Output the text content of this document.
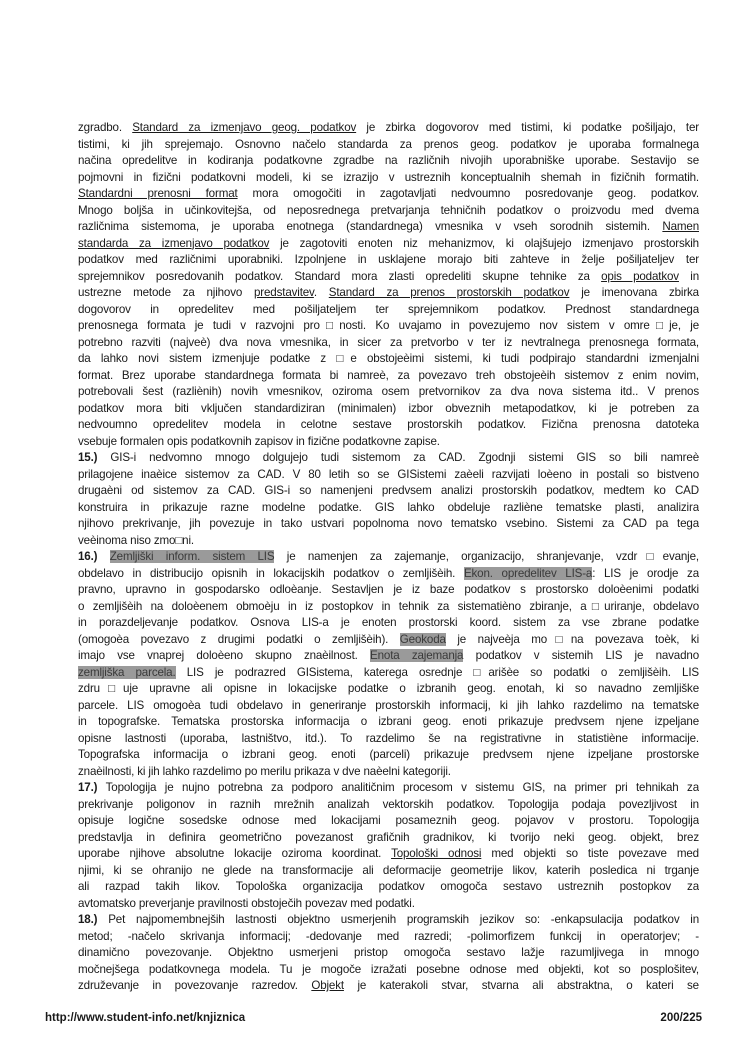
zgradbo. Standard za izmenjavo geog. podatkov je zbirka dogovorov med tistimi, ki podatke pošiljajo, ter
tistimi, ki jih sprejemajo. Osnovno načelo standarda za prenos geog. podatkov je uporaba formalnega
načina opredelitve in kodiranja podatkovne zgradbe na različnih nivojih uporabniške uporabe. Sestavijo se
pojmovni in fizični podatkovni modeli, ki se izrazijo v ustreznih konceptualnih shemah in fizičnih formatih.
Standardni prenosni format mora omogočiti in zagotavljati nedvoumno posredovanje geog. podatkov.
Mnogo boljša in učinkovitejša, od neposrednega pretvarjanja tehničnih podatkov o proizvodu med dvema
različnima sistemoma, je uporaba enotnega (standardnega) vmesnika v vseh sorodnih sistemih. Namen
standarda za izmenjavo podatkov je zagotoviti enoten niz mehanizmov, ki olajšujejo izmenjavo prostorskih
podatkov med različnimi uporabniki. Izpolnjene in usklajene morajo biti zahteve in želje pošiljateljev ter
sprejemnikov posredovanih podatkov. Standard mora zlasti opredeliti skupne tehnike za opis podatkov in
ustrezne metode za njihovo predstavitev. Standard za prenos prostorskih podatkov je imenovana zbirka
dogovorov in opredelitev med pošiljateljem ter sprejemnikom podatkov. Prednost standardnega
prenosnega formata je tudi v razvojni pro□nosti. Ko uvajamo in povezujemo nov sistem v omre□je, je
potrebno razviti (najveè) dva nova vmesnika, in sicer za pretvorbo v ter iz nevtralnega prenosnega formata,
da lahko novi sistem izmenjuje podatke z □e obstojeèimi sistemi, ki tudi podpirajo standardni izmenjalni
format. Brez uporabe standardnega formata bi namreè, za povezavo treh obstojeèih sistemov z enim novim,
potrebovali šest (razliènih) novih vmesnikov, oziroma osem pretvornikov za dva nova sistema itd.. V prenos
podatkov mora biti vključen standardiziran (minimalen) izbor obveznih metapodatkov, ki je potreben za
nedvoumno opredelitev modela in celotne sestave prostorskih podatkov. Fizična prenosna datoteka
vsebuje formalen opis podatkovnih zapisov in fizične podatkovne zapise.
15.) GIS-i nedvomno mnogo dolgujejo tudi sistemom za CAD. Zgodnji sistemi GIS so bili namreè
prilagojene inaèice sistemov za CAD. V 80 letih so se GISistemi zaèeli razvijati loèeno in postali so bistveno
drugaèni od sistemov za CAD. GIS-i so namenjeni predvsem analizi prostorskih podatkov, medtem ko CAD
konstruira in prikazuje razne modelne podatke. GIS lahko obdeluje razliène tematske plasti, analizira
njihovo prekrivanje, jih povezuje in tako ustvari popolnoma novo tematsko vsebino. Sistemi za CAD pa tega
veèinoma niso zmo□ni.
16.) Zemljiški inform. sistem LIS je namenjen za zajemanje, organizacijo, shranjevanje, vzdr□evanje,
obdelavo in distribucijo opisnih in lokacijskih podatkov o zemljišèih. Ekon. opredelitev LIS-a: LIS je orodje za
pravno, upravno in gospodarsko odloèanje. Sestavljen je iz baze podatkov s prostorsko doloèenimi podatki
o zemljišèih na doloèenem obmoèju in iz postopkov in tehnik za sistematièno zbiranje, a□uriranje, obdelavo
in porazdeljevanje podatkov. Osnova LIS-a je enoten prostorski koord. sistem za vse zbrane podatke
(omogoèa povezavo z drugimi podatki o zemljišèih). Geokoda je najveèja mo□na povezava toèk, ki
imajo vse vnaprej doloèeno skupno znaèilnost. Enota zajemanja podatkov v sistemih LIS je navadno
zemljiška parcela. LIS je podrazred GISistema, katerega osrednje □arišèe so podatki o zemljišèih. LIS
zdru□uje upravne ali opisne in lokacijske podatke o izbranih geog. enotah, ki so navadno zemljiške
parcele. LIS omogoèa tudi obdelavo in generiranje prostorskih informacij, ki jih lahko razdelimo na tematske
in topografske. Tematska prostorska informacija o izbrani geog. enoti prikazuje predvsem njene izpeljane
opisne lastnosti (uporaba, lastništvo, itd.). To razdelimo še na registrativne in statistiène informacije.
Topografska informacija o izbrani geog. enoti (parceli) prikazuje predvsem njene izpeljane prostorske
znaèilnosti, ki jih lahko razdelimo po merilu prikaza v dve naèelni kategoriji.
17.) Topologija je nujno potrebna za podporo analitičnim procesom v sistemu GIS, na primer pri tehnikah za
prekrivanje poligonov in raznih mrežnih analizah vektorskih podatkov. Topologija podaja povezljivost in
opisuje logične sosedske odnose med lokacijami posameznih geog. pojavov v prostoru. Topologija
predstavlja in definira geometrično povezanost grafičnih gradnikov, ki tvorijo neki geog. objekt, brez
uporabe njihove absolutne lokacije oziroma koordinat. Topološki odnosi med objekti so tiste povezave med
njimi, ki se ohranijo ne glede na transformacije ali deformacije geometrije likov, katerih posledica ni trganje
ali razpad takih likov. Topološka organizacija podatkov omogoča sestavo ustreznih postopkov za
avtomatsko preverjanje pravilnosti obstoječih povezav med podatki.
18.) Pet najpomembnejših lastnosti objektno usmerjenih programskih jezikov so: -enkapsulacija podatkov in
metod; -načelo skrivanja informacij; -dedovanje med razredi; -polimorfizem funkcij in operatorjev; -
dinamično povezovanje. Objektno usmerjeni pristop omogoča sestavo lažje razumljivega in mnogo
močnejšega podatkovnega modela. Tu je mogoče izražati posebne odnose med objekti, kot so posplošitev,
združevanje in povezovanje razredov. Objekt je katerakoli stvar, stvarna ali abstraktna, o kateri se
http://www.student-info.net/knjiznica	200/225
